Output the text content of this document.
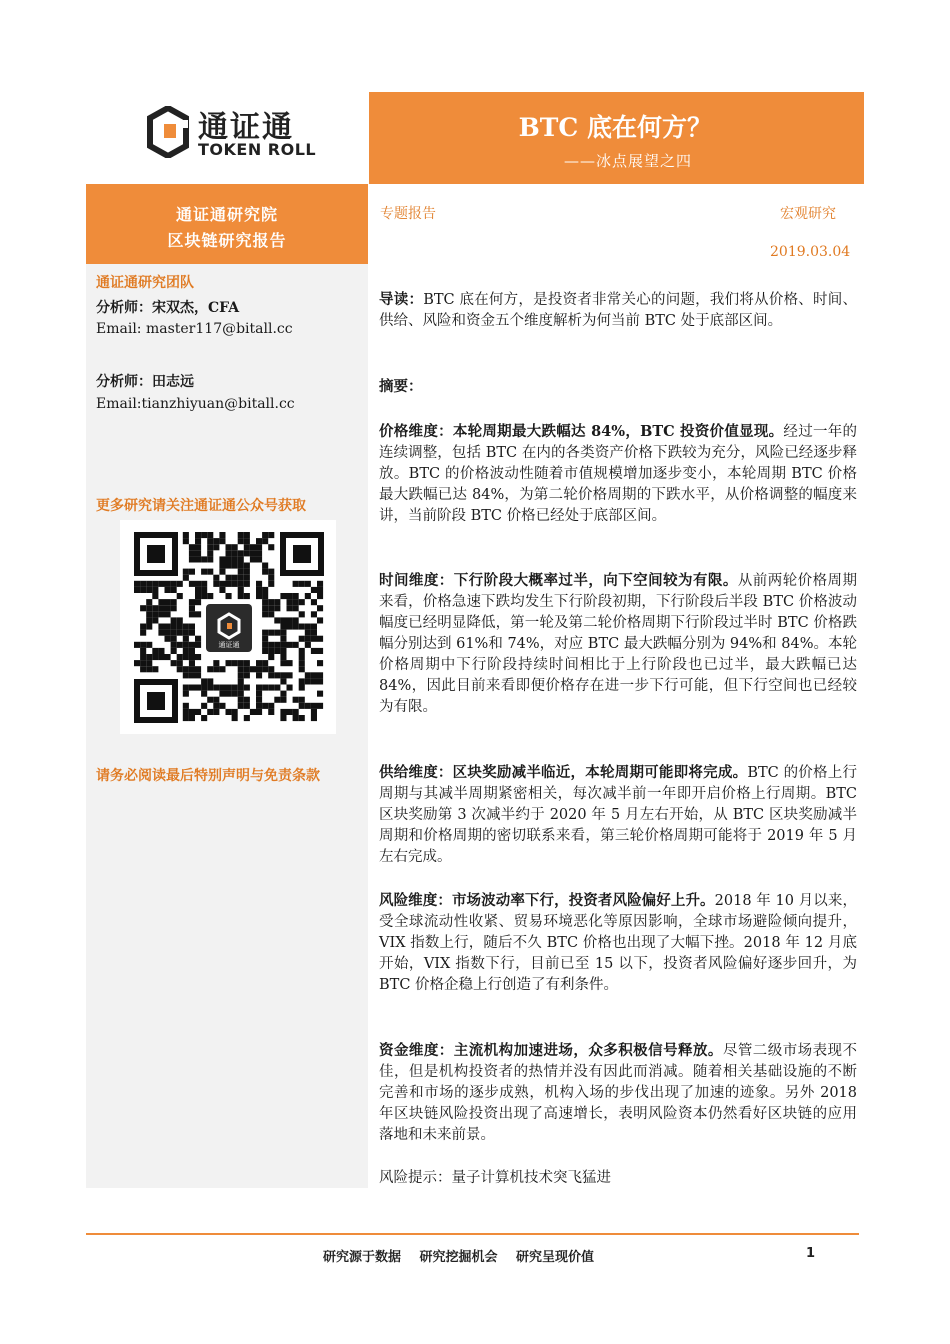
通证通
TOKEN ROLL
BTC 底在何方？
——冰点展望之四
通证通研究院
区块链研究报告
通证通研究团队
分析师：宋双杰，CFA
Email: master117@bitall.cc
分析师：田志远
Email:tianzhiyuan@bitall.cc
更多研究请关注通证通公众号获取
通证通
请务必阅读最后特别声明与免责条款
专题报告	宏观研究
2019.03.04
导读：BTC 底在何方，是投资者非常关心的问题，我们将从价格、时间、供给、风险和资金五个维度解析为何当前 BTC 处于底部区间。
摘要：
价格维度：本轮周期最大跌幅达 84%，BTC 投资价值显现。经过一年的连续调整，包括 BTC 在内的各类资产价格下跌较为充分，风险已经逐步释放。BTC 的价格波动性随着市值规模增加逐步变小，本轮周期 BTC 价格最大跌幅已达 84%，为第二轮价格周期的下跌水平，从价格调整的幅度来讲，当前阶段 BTC 价格已经处于底部区间。
时间维度：下行阶段大概率过半，向下空间较为有限。从前两轮价格周期来看，价格急速下跌均发生下行阶段初期，下行阶段后半段 BTC 价格波动幅度已经明显降低，第一轮及第二轮价格周期下行阶段过半时 BTC 价格跌幅分别达到 61%和 74%，对应 BTC 最大跌幅分别为 94%和 84%。本轮价格周期中下行阶段持续时间相比于上行阶段也已过半，最大跌幅已达 84%，因此目前来看即便价格存在进一步下行可能，但下行空间也已经较为有限。
供给维度：区块奖励减半临近，本轮周期可能即将完成。BTC 的价格上行周期与其减半周期紧密相关，每次减半前一年即开启价格上行周期。BTC 区块奖励第 3 次减半约于 2020 年 5 月左右开始，从 BTC 区块奖励减半周期和价格周期的密切联系来看，第三轮价格周期可能将于 2019 年 5 月左右完成。
风险维度：市场波动率下行，投资者风险偏好上升。2018 年 10 月以来，受全球流动性收紧、贸易环境恶化等原因影响，全球市场避险倾向提升，VIX 指数上行，随后不久 BTC 价格也出现了大幅下挫。2018 年 12 月底开始，VIX 指数下行，目前已至 15 以下，投资者风险偏好逐步回升，为 BTC 价格企稳上行创造了有利条件。
资金维度：主流机构加速进场，众多积极信号释放。尽管二级市场表现不佳，但是机构投资者的热情并没有因此而消减。随着相关基础设施的不断完善和市场的逐步成熟，机构入场的步伐出现了加速的迹象。另外 2018 年区块链风险投资出现了高速增长，表明风险资本仍然看好区块链的应用落地和未来前景。
风险提示：量子计算机技术突飞猛进
研究源于数据 研究挖掘机会 研究呈现价值	1
